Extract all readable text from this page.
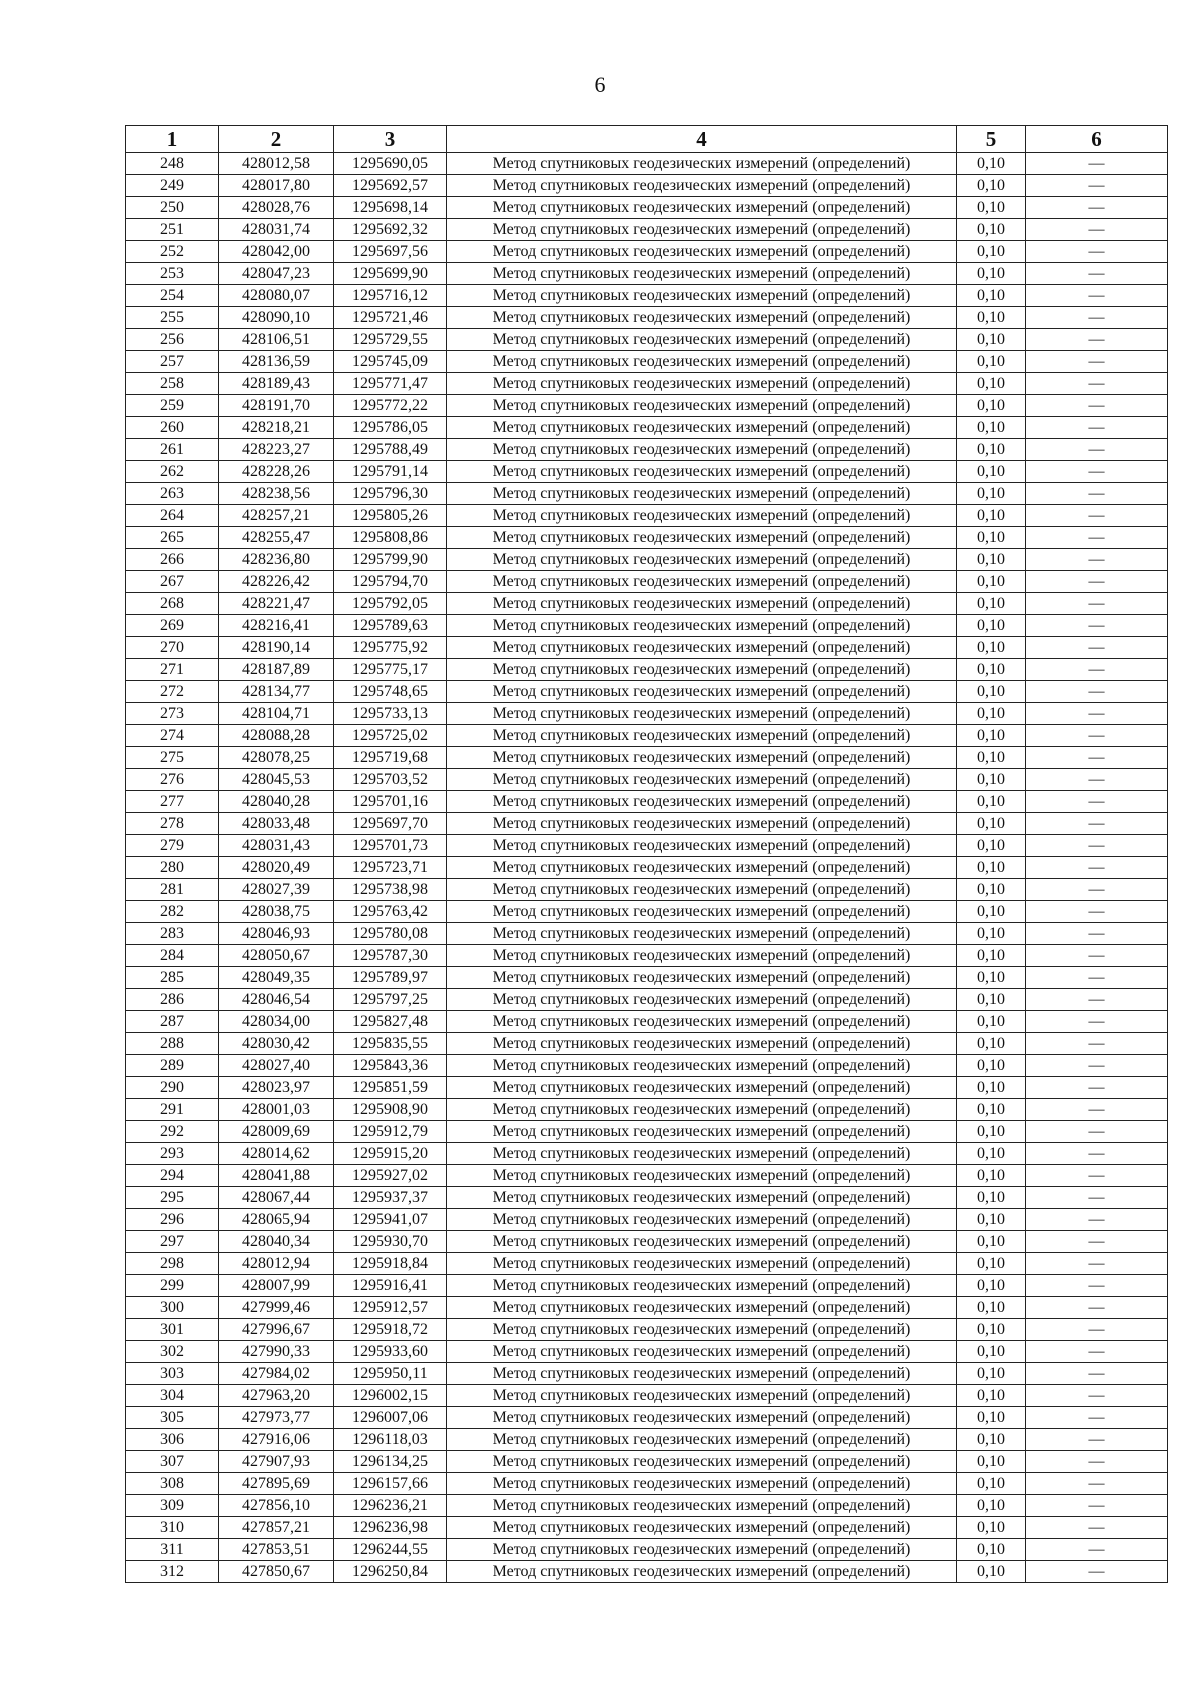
6
1	2	3	4	5	6
248	428012,58	1295690,05	Метод спутниковых геодезических измерений (определений)	0,10	—
249	428017,80	1295692,57	Метод спутниковых геодезических измерений (определений)	0,10	—
250	428028,76	1295698,14	Метод спутниковых геодезических измерений (определений)	0,10	—
251	428031,74	1295692,32	Метод спутниковых геодезических измерений (определений)	0,10	—
252	428042,00	1295697,56	Метод спутниковых геодезических измерений (определений)	0,10	—
253	428047,23	1295699,90	Метод спутниковых геодезических измерений (определений)	0,10	—
254	428080,07	1295716,12	Метод спутниковых геодезических измерений (определений)	0,10	—
255	428090,10	1295721,46	Метод спутниковых геодезических измерений (определений)	0,10	—
256	428106,51	1295729,55	Метод спутниковых геодезических измерений (определений)	0,10	—
257	428136,59	1295745,09	Метод спутниковых геодезических измерений (определений)	0,10	—
258	428189,43	1295771,47	Метод спутниковых геодезических измерений (определений)	0,10	—
259	428191,70	1295772,22	Метод спутниковых геодезических измерений (определений)	0,10	—
260	428218,21	1295786,05	Метод спутниковых геодезических измерений (определений)	0,10	—
261	428223,27	1295788,49	Метод спутниковых геодезических измерений (определений)	0,10	—
262	428228,26	1295791,14	Метод спутниковых геодезических измерений (определений)	0,10	—
263	428238,56	1295796,30	Метод спутниковых геодезических измерений (определений)	0,10	—
264	428257,21	1295805,26	Метод спутниковых геодезических измерений (определений)	0,10	—
265	428255,47	1295808,86	Метод спутниковых геодезических измерений (определений)	0,10	—
266	428236,80	1295799,90	Метод спутниковых геодезических измерений (определений)	0,10	—
267	428226,42	1295794,70	Метод спутниковых геодезических измерений (определений)	0,10	—
268	428221,47	1295792,05	Метод спутниковых геодезических измерений (определений)	0,10	—
269	428216,41	1295789,63	Метод спутниковых геодезических измерений (определений)	0,10	—
270	428190,14	1295775,92	Метод спутниковых геодезических измерений (определений)	0,10	—
271	428187,89	1295775,17	Метод спутниковых геодезических измерений (определений)	0,10	—
272	428134,77	1295748,65	Метод спутниковых геодезических измерений (определений)	0,10	—
273	428104,71	1295733,13	Метод спутниковых геодезических измерений (определений)	0,10	—
274	428088,28	1295725,02	Метод спутниковых геодезических измерений (определений)	0,10	—
275	428078,25	1295719,68	Метод спутниковых геодезических измерений (определений)	0,10	—
276	428045,53	1295703,52	Метод спутниковых геодезических измерений (определений)	0,10	—
277	428040,28	1295701,16	Метод спутниковых геодезических измерений (определений)	0,10	—
278	428033,48	1295697,70	Метод спутниковых геодезических измерений (определений)	0,10	—
279	428031,43	1295701,73	Метод спутниковых геодезических измерений (определений)	0,10	—
280	428020,49	1295723,71	Метод спутниковых геодезических измерений (определений)	0,10	—
281	428027,39	1295738,98	Метод спутниковых геодезических измерений (определений)	0,10	—
282	428038,75	1295763,42	Метод спутниковых геодезических измерений (определений)	0,10	—
283	428046,93	1295780,08	Метод спутниковых геодезических измерений (определений)	0,10	—
284	428050,67	1295787,30	Метод спутниковых геодезических измерений (определений)	0,10	—
285	428049,35	1295789,97	Метод спутниковых геодезических измерений (определений)	0,10	—
286	428046,54	1295797,25	Метод спутниковых геодезических измерений (определений)	0,10	—
287	428034,00	1295827,48	Метод спутниковых геодезических измерений (определений)	0,10	—
288	428030,42	1295835,55	Метод спутниковых геодезических измерений (определений)	0,10	—
289	428027,40	1295843,36	Метод спутниковых геодезических измерений (определений)	0,10	—
290	428023,97	1295851,59	Метод спутниковых геодезических измерений (определений)	0,10	—
291	428001,03	1295908,90	Метод спутниковых геодезических измерений (определений)	0,10	—
292	428009,69	1295912,79	Метод спутниковых геодезических измерений (определений)	0,10	—
293	428014,62	1295915,20	Метод спутниковых геодезических измерений (определений)	0,10	—
294	428041,88	1295927,02	Метод спутниковых геодезических измерений (определений)	0,10	—
295	428067,44	1295937,37	Метод спутниковых геодезических измерений (определений)	0,10	—
296	428065,94	1295941,07	Метод спутниковых геодезических измерений (определений)	0,10	—
297	428040,34	1295930,70	Метод спутниковых геодезических измерений (определений)	0,10	—
298	428012,94	1295918,84	Метод спутниковых геодезических измерений (определений)	0,10	—
299	428007,99	1295916,41	Метод спутниковых геодезических измерений (определений)	0,10	—
300	427999,46	1295912,57	Метод спутниковых геодезических измерений (определений)	0,10	—
301	427996,67	1295918,72	Метод спутниковых геодезических измерений (определений)	0,10	—
302	427990,33	1295933,60	Метод спутниковых геодезических измерений (определений)	0,10	—
303	427984,02	1295950,11	Метод спутниковых геодезических измерений (определений)	0,10	—
304	427963,20	1296002,15	Метод спутниковых геодезических измерений (определений)	0,10	—
305	427973,77	1296007,06	Метод спутниковых геодезических измерений (определений)	0,10	—
306	427916,06	1296118,03	Метод спутниковых геодезических измерений (определений)	0,10	—
307	427907,93	1296134,25	Метод спутниковых геодезических измерений (определений)	0,10	—
308	427895,69	1296157,66	Метод спутниковых геодезических измерений (определений)	0,10	—
309	427856,10	1296236,21	Метод спутниковых геодезических измерений (определений)	0,10	—
310	427857,21	1296236,98	Метод спутниковых геодезических измерений (определений)	0,10	—
311	427853,51	1296244,55	Метод спутниковых геодезических измерений (определений)	0,10	—
312	427850,67	1296250,84	Метод спутниковых геодезических измерений (определений)	0,10	—
